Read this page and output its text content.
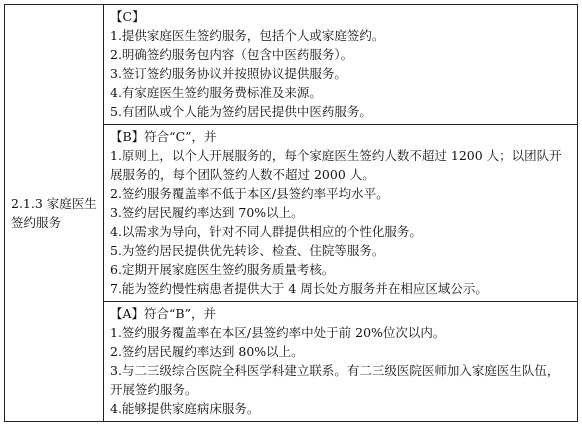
2.1.3 家庭医生签约服务	
【C】
1.提供家庭医生签约服务，包括个人或家庭签约。
2.明确签约服务包内容（包含中医药服务）。
3.签订签约服务协议并按照协议提供服务。
4.有家庭医生签约服务费标准及来源。
5.有团队或个人能为签约居民提供中医药服务。

【B】符合“C”，并
1.原则上，以个人开展服务的，每个家庭医生签约人数不超过 1200 人；以团队开展服务的，每个团队签约人数不超过 2000 人。
2.签约服务覆盖率不低于本区/县签约率平均水平。
3.签约居民履约率达到 70%以上。
4.以需求为导向，针对不同人群提供相应的个性化服务。
5.为签约居民提供优先转诊、检查、住院等服务。
6.定期开展家庭医生签约服务质量考核。
7.能为签约慢性病患者提供大于 4 周长处方服务并在相应区域公示。

【A】符合“B”，并
1.签约服务覆盖率在本区/县签约率中处于前 20%位次以内。
2.签约居民履约率达到 80%以上。
3.与二三级综合医院全科医学科建立联系。有二三级医院医师加入家庭医生队伍，开展签约服务。
4.能够提供家庭病床服务。
